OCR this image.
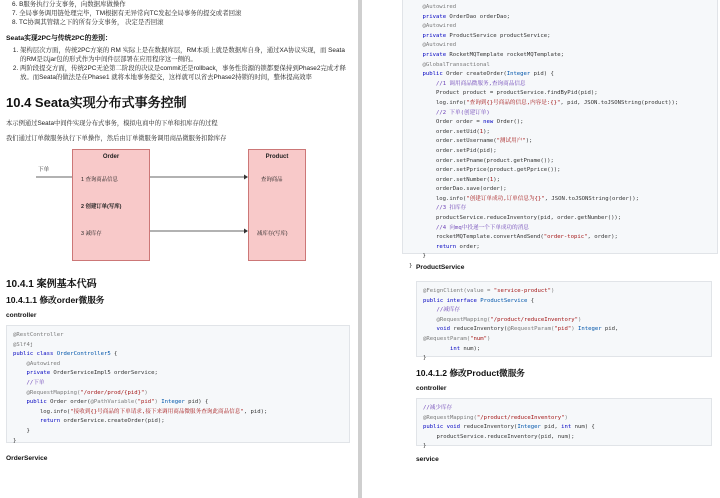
6. B服务执行分支事务，向数据库做操作
7. 全局事务调用链处理完毕，TM根据有无异常向TC发起全局事务的提交或者回滚
8. TC协调其管辖之下的所有分支事务， 决定是否回滚
Seata实现2PC与传统2PC的差别：
1. 架构层次方面，传统2PC方案的 RM 实际上是在数据库层，RM本质上就是数据库自身，通过XA协议实现，而 Seata的RM是以jar包的形式作为中间件层部署在应用程序这一侧的。
2. 两阶段提交方面，传统2PC无论第二阶段的决议是commit还是rollback，事务性资源的锁都要保持到Phase2完成才释放。而Seata的做法是在Phase1 就将本地事务提交，这样就可以省去Phase2持锁的时间，整体提高效率
10.4 Seata实现分布式事务控制

本示例通过Seata中间件实现分布式事务，模拟电商中的下单和扣库存的过程

我们通过订单微服务执行下单操作，然后由订单微服务调用商品微服务扣除库存

下单
Order
1 查询商品信息
2 创建订单(写库)
3 减库存
Product
查询商品
减库存(写库)
10.4.1 案例基本代码
10.4.1.1 修改order微服务
controller
@RestController
@Slf4j
public class OrderController5 {
@Autowired
private OrderServiceImpl5 orderService;
//下单
@RequestMapping("/order/prod/{pid}")
public Order order(@PathVariable("pid") Integer pid) {
log.info("接收到{}号商品的下单请求,接下来调用商品微服务查询此商品信息", pid);
return orderService.createOrder(pid);
}
}
OrderService
@Autowired
private OrderDao orderDao;
@Autowired
private ProductService productService;
@Autowired
private RocketMQTemplate rocketMQTemplate;
@GlobalTransactional
public Order createOrder(Integer pid) {
//1 调用商品微服务,查询商品信息
Product product = productService.findByPid(pid);
log.info("查询到{}号商品的信息,内容是:{}", pid, JSON.toJSONString(product));
//2 下单(创建订单)
Order order = new Order();
order.setUid(1);
order.setUsername("测试用户");
order.setPid(pid);
order.setPname(product.getPname());
order.setPprice(product.getPprice());
order.setNumber(1);
orderDao.save(order);
log.info("创建订单成功,订单信息为{}", JSON.toJSONString(order));
//3 扣库存
productService.reduceInventory(pid, order.getNumber());
//4 向mq中投递一个下单成功的消息
rocketMQTemplate.convertAndSend("order-topic", order);
return order;
}
} ProductService
@FeignClient(value = "service-product")
public interface ProductService {
//减库存
@RequestMapping("/product/reduceInventory")
void reduceInventory(@RequestParam("pid") Integer pid,
@RequestParam("num")
int num);
}
10.4.1.2 修改Product微服务
controller
//减少库存
@RequestMapping("/product/reduceInventory")
public void reduceInventory(Integer pid, int num) {
productService.reduceInventory(pid, num);
}
service
